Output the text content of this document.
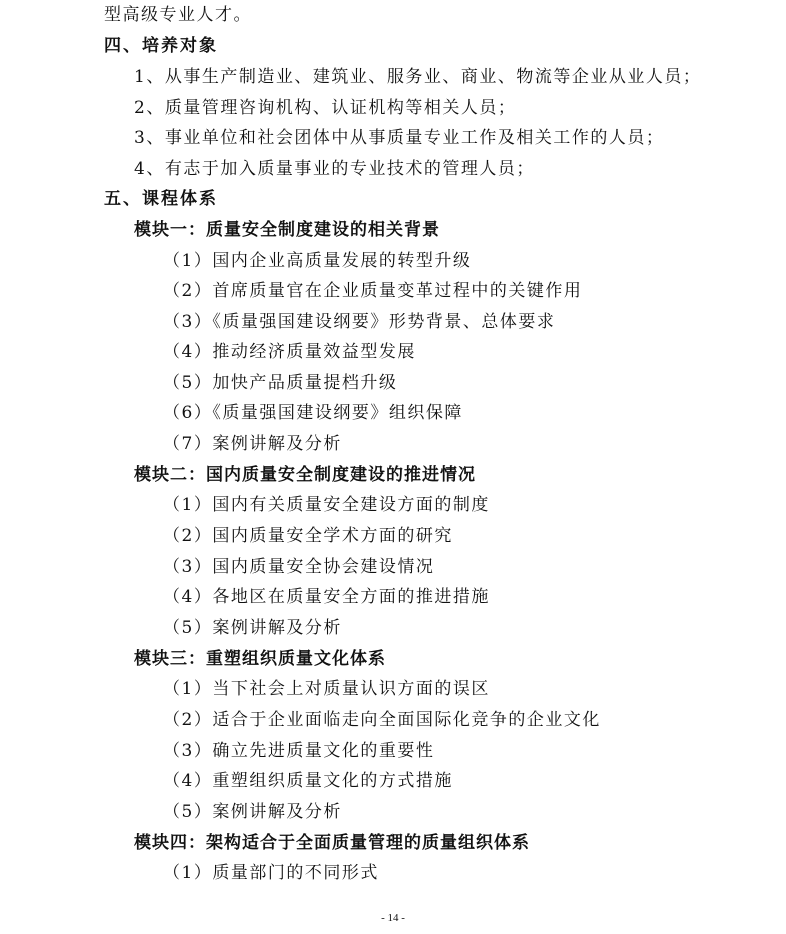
型高级专业人才。
四、培养对象
1、从事生产制造业、建筑业、服务业、商业、物流等企业从业人员；
2、质量管理咨询机构、认证机构等相关人员；
3、事业单位和社会团体中从事质量专业工作及相关工作的人员；
4、有志于加入质量事业的专业技术的管理人员；
五、课程体系
模块一：质量安全制度建设的相关背景
（1）国内企业高质量发展的转型升级
（2）首席质量官在企业质量变革过程中的关键作用
（3）《质量强国建设纲要》形势背景、总体要求
（4）推动经济质量效益型发展
（5）加快产品质量提档升级
（6）《质量强国建设纲要》组织保障
（7）案例讲解及分析
模块二：国内质量安全制度建设的推进情况
（1）国内有关质量安全建设方面的制度
（2）国内质量安全学术方面的研究
（3）国内质量安全协会建设情况
（4）各地区在质量安全方面的推进措施
（5）案例讲解及分析
模块三：重塑组织质量文化体系
（1）当下社会上对质量认识方面的误区
（2）适合于企业面临走向全面国际化竞争的企业文化
（3）确立先进质量文化的重要性
（4）重塑组织质量文化的方式措施
（5）案例讲解及分析
模块四：架构适合于全面质量管理的质量组织体系
（1）质量部门的不同形式
- 14 -
